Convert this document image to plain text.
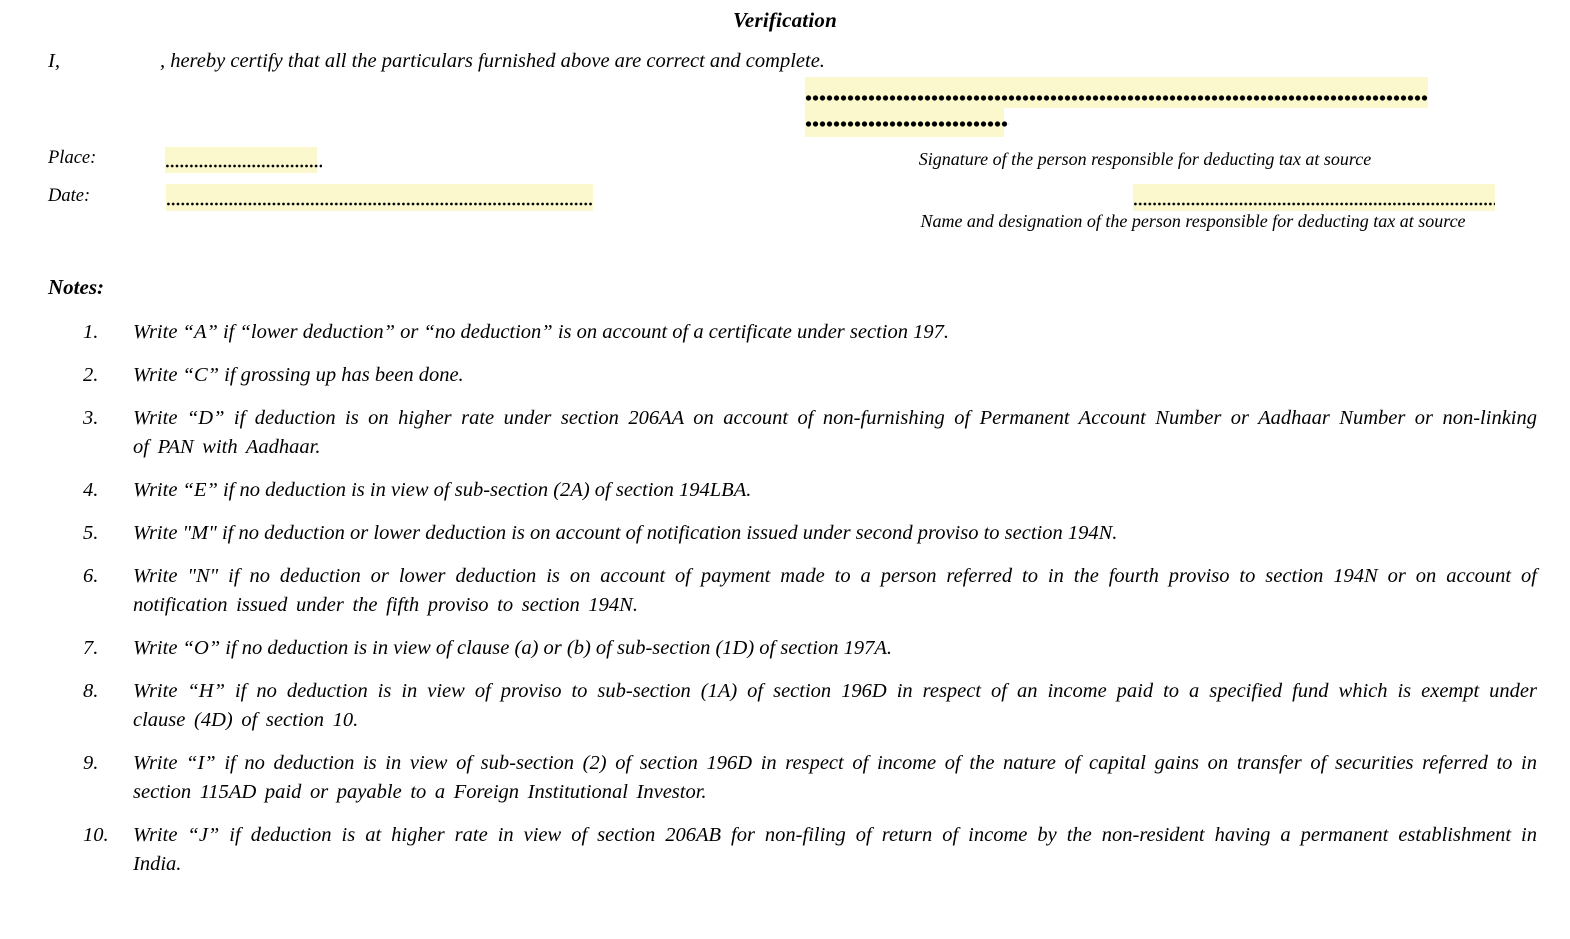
Verification
I,	, hereby certify that all the particulars furnished above are correct and complete.
Place:	Signature of the person responsible for deducting tax at source
Date:
Name and designation of the person responsible for deducting tax at source
Notes:
1.	Write “A” if “lower deduction” or “no deduction” is on account of a certificate under section 197.
2.	Write “C” if grossing up has been done.
3.	Write “D” if deduction is on higher rate under section 206AA on account of non-furnishing of Permanent Account Number or Aadhaar Number or non-linking of PAN with Aadhaar.
4.	Write “E” if no deduction is in view of sub-section (2A) of section 194LBA.
5.	Write "M" if no deduction or lower deduction is on account of notification issued under second proviso to section 194N.
6.	Write "N" if no deduction or lower deduction is on account of payment made to a person referred to in the fourth proviso to section 194N or on account of notification issued under the fifth proviso to section 194N.
7.	Write “O” if no deduction is in view of clause (a) or (b) of sub-section (1D) of section 197A.
8.	Write “H” if no deduction is in view of proviso to sub-section (1A) of section 196D in respect of an income paid to a specified fund which is exempt under clause (4D) of section 10.
9.	Write “I” if no deduction is in view of sub-section (2) of section 196D in respect of income of the nature of capital gains on transfer of securities referred to in section 115AD paid or payable to a Foreign Institutional Investor.
10.	Write “J” if deduction is at higher rate in view of section 206AB for non-filing of return of income by the non-resident having a permanent establishment in India.
